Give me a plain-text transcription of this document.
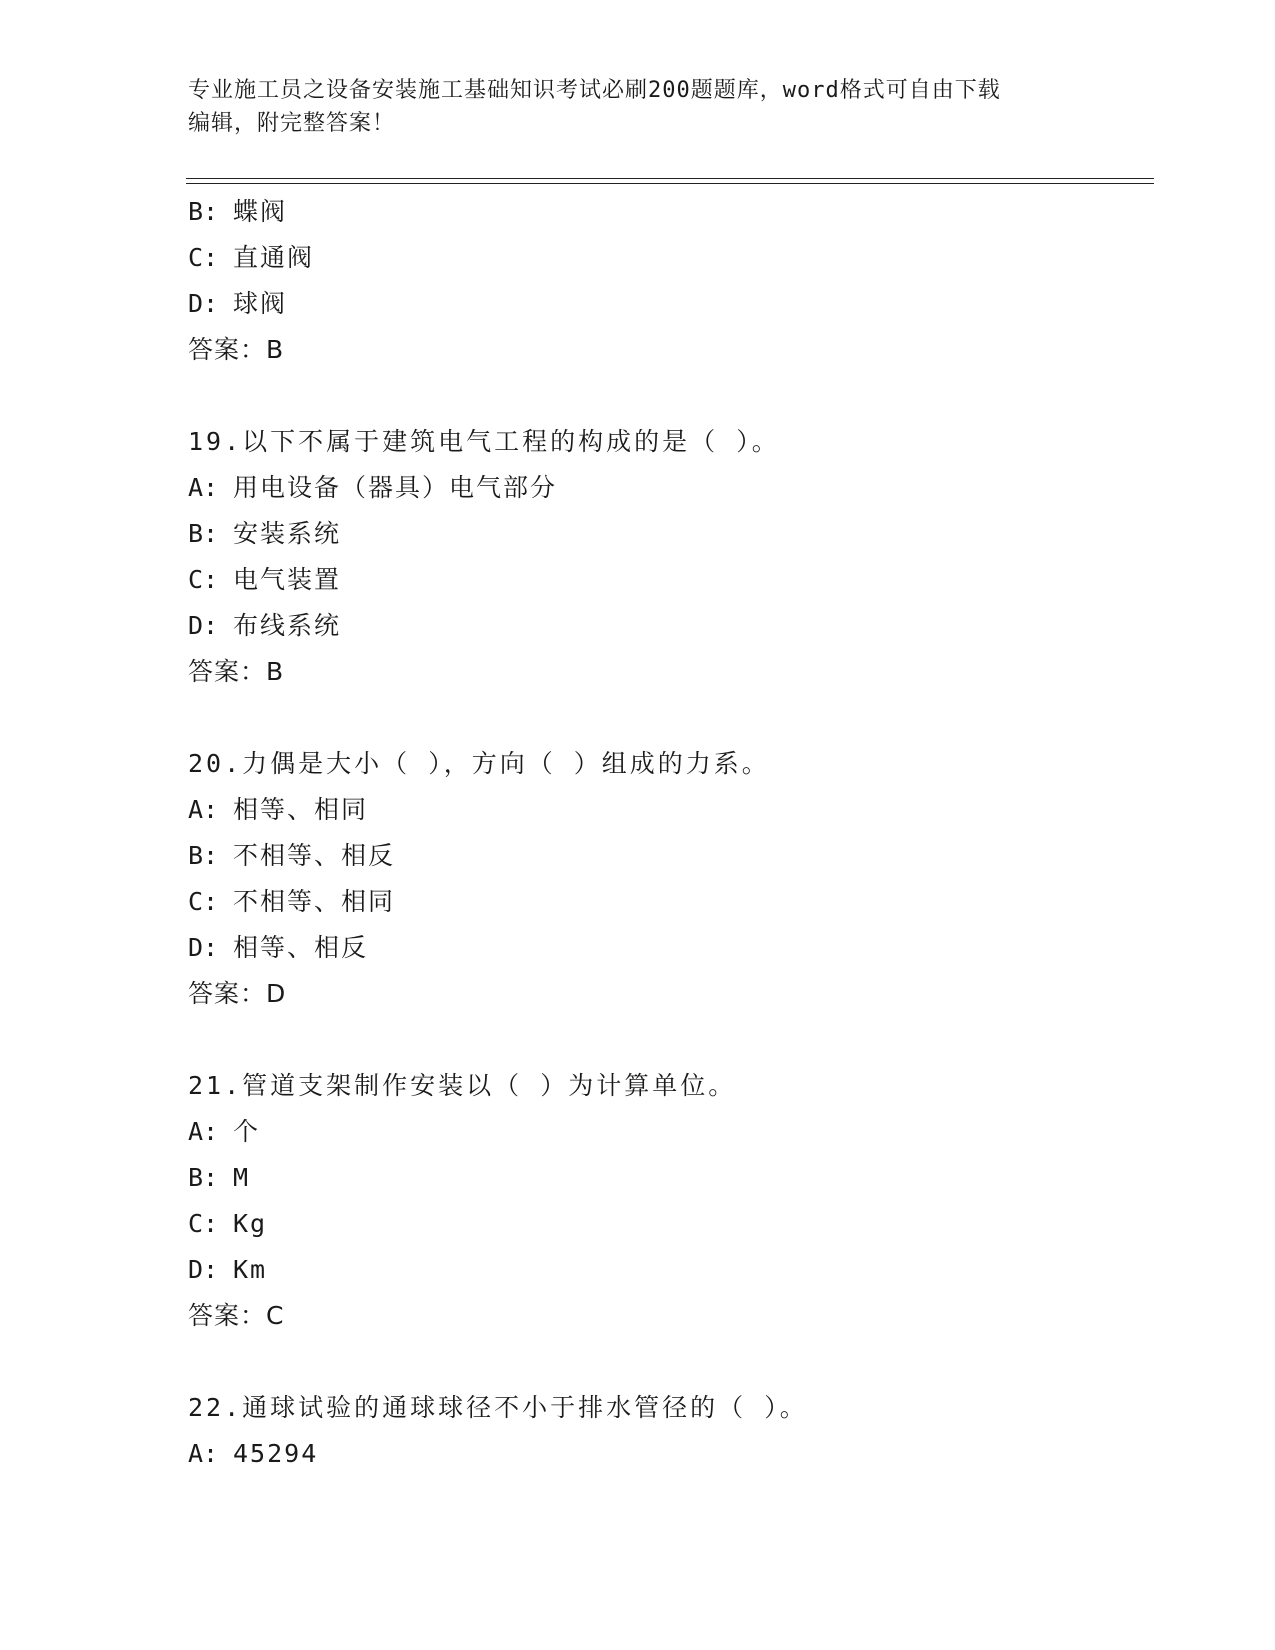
专业施工员之设备安装施工基础知识考试必刷200题题库，word格式可自由下载
编辑，附完整答案！
B: 蝶阀
C: 直通阀
D: 球阀
答案：B
19.以下不属于建筑电气工程的构成的是（ ）。
A: 用电设备（器具）电气部分
B: 安装系统
C: 电气装置
D: 布线系统
答案：B
20.力偶是大小（ ），方向（ ）组成的力系。
A: 相等、相同
B: 不相等、相反
C: 不相等、相同
D: 相等、相反
答案：D
21.管道支架制作安装以（ ）为计算单位。
A: 个
B: M
C: Kg
D: Km
答案：C
22.通球试验的通球球径不小于排水管径的（ ）。
A: 45294
